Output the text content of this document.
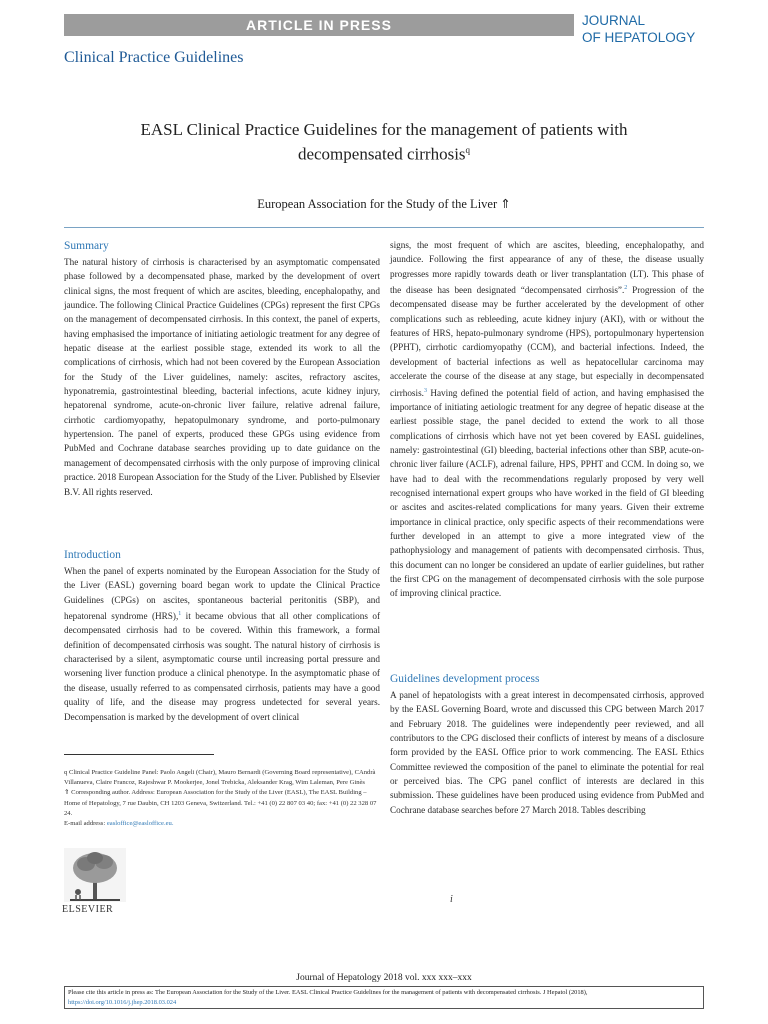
ARTICLE IN PRESS	JOURNAL
OF HEPATOLOGY
Clinical Practice Guidelines
EASL Clinical Practice Guidelines for the management of patients with
decompensated cirrhosis$^q$
European Association for the Study of the Liver ⇑
Summary

The natural history of cirrhosis is characterised by an asymptomatic compensated phase followed by a decompensated phase, marked by the development of overt clinical signs, the most frequent of which are ascites, bleeding, encephalopathy, and jaundice. The following Clinical Practice Guidelines (CPGs) represent the first CPGs on the management of decompensated cirrhosis. In this context, the panel of experts, having emphasised the importance of initiating aetiologic treatment for any degree of hepatic disease at the earliest possible stage, extended its work to all the complications of cirrhosis, which had not been covered by the European Association for the Study of the Liver guidelines, namely: ascites, refractory ascites, hyponatremia, gastrointestinal bleeding, bacterial infections, acute kidney injury, hepatorenal syndrome, acute-on-chronic liver failure, relative adrenal failure, cirrhotic cardiomyopathy, hepatopulmonary syndrome, and porto-pulmonary hypertension. The panel of experts, produced these GPGs using evidence from PubMed and Cochrane database searches providing up to date guidance on the management of decompensated cirrhosis with the only purpose of improving clinical practice. 2018 European Association for the Study of the Liver. Published by Elsevier B.V. All rights reserved.

Introduction

When the panel of experts nominated by the European Association for the Study of the Liver (EASL) governing board began work to update the Clinical Practice Guidelines (CPGs) on ascites, spontaneous bacterial peritonitis (SBP), and hepatorenal syndrome (HRS),$^1$ it became obvious that all other complications of decompensated cirrhosis had to be covered. Within this framework, a formal definition of decompensated cirrhosis was sought. The natural history of cirrhosis is characterised by a silent, asymptomatic course until increasing portal pressure and worsening liver function produce a clinical phenotype. In the asymptomatic phase of the disease, usually referred to as compensated cirrhosis, patients may have a good quality of life, and the disease may progress undetected for several years. Decompensation is marked by the development of overt clinical

signs, the most frequent of which are ascites, bleeding, encephalopathy, and jaundice. Following the first appearance of any of these, the disease usually progresses more rapidly towards death or liver transplantation (LT). This phase of the disease has been designated “decompensated cirrhosis”.$^2$ Progression of the decompensated disease may be further accelerated by the development of other complications such as rebleeding, acute kidney injury (AKI), with or without the features of HRS, hepato-pulmonary syndrome (HPS), portopulmonary hypertension (PPHT), cirrhotic cardiomyopathy (CCM), and bacterial infections. Indeed, the development of bacterial infections as well as hepatocellular carcinoma may accelerate the course of the disease at any stage, but especially in decompensated cirrhosis.$^3$ Having defined the potential field of action, and having emphasised the importance of initiating aetiologic treatment for any degree of hepatic disease at the earliest possible stage, the panel decided to extend the work to all those complications of cirrhosis which have not yet been covered by EASL guidelines, namely: gastrointestinal (GI) bleeding, bacterial infections other than SBP, acute-on-chronic liver failure (ACLF), adrenal failure, HPS, PPHT and CCM. In doing so, we have had to deal with the recommendations regularly proposed by very well recognised international expert groups who have worked in the field of GI bleeding or ascites and ascites-related complications for many years. Given their extreme importance in clinical practice, only specific aspects of their recommendations were further developed in an attempt to give a more integrated view of the pathophysiology and management of patients with decompensated cirrhosis. Thus, this document can no longer be considered an update of earlier guidelines, but rather the first CPG on the management of decompensated cirrhosis with the sole purpose of improving clinical practice.

Guidelines development process

A panel of hepatologists with a great interest in decompensated cirrhosis, approved by the EASL Governing Board, wrote and discussed this CPG between March 2017 and February 2018. The guidelines were independently peer reviewed, and all contributors to the CPG disclosed their conflicts of interest by means of a disclosure form provided by the EASL Office prior to work commencing. The EASL Ethics Committee reviewed the composition of the panel to eliminate the potential for real or perceived bias. The CPG panel conflict of interests are declared in this submission. These guidelines have been produced using evidence from PubMed and Cochrane database searches before 27 March 2018. Tables describing

q Clinical Practice Guideline Panel: Paolo Angeli (Chair), Mauro Bernardi (Governing Board representative), CAndrà Villanueva, Claire Francoz, Rajeshwar P. Mookerjee, Jonel Trebicka, Aleksander Krag, Wim Laleman, Pere Ginès

⇑ Corresponding author. Address: European Association for the Study of the Liver (EASL), The EASL Building – Home of Hepatology, 7 rue Daubin, CH 1203 Geneva, Switzerland. Tel.: +41 (0) 22 807 03 40; fax: +41 (0) 22 328 07 24.

E-mail address: easloffice@easloffice.eu.

ELSEVIER
i
Journal of Hepatology 2018 vol. xxx xxx–xxx
Please cite this article in press as: The European Association for the Study of the Liver. EASL Clinical Practice Guidelines for the management of patients with decompensated cirrhosis. J Hepatol (2018),
https://doi.org/10.1016/j.jhep.2018.03.024
